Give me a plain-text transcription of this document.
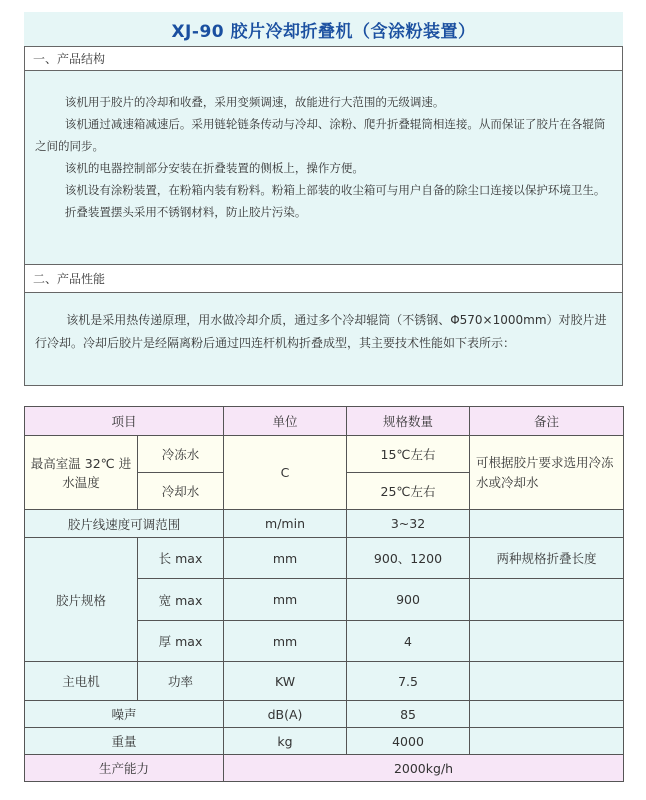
XJ-90 胶片冷却折叠机（含涂粉装置）
一、产品结构

该机用于胶片的冷却和收叠，采用变频调速，故能进行大范围的无级调速。

该机通过减速箱减速后。采用链轮链条传动与冷却、涂粉、爬升折叠辊筒相连接。从而保证了胶片在各辊筒之间的同步。

该机的电器控制部分安装在折叠装置的侧板上，操作方便。

该机设有涂粉装置，在粉箱内装有粉料。粉箱上部装的收尘箱可与用户自备的除尘口连接以保护环境卫生。

折叠装置摆头采用不锈钢材料，防止胶片污染。

二、产品性能

该机是采用热传递原理，用水做冷却介质，通过多个冷却辊筒（不锈钢、Φ570×1000mm）对胶片进行冷却。冷却后胶片是经隔离粉后通过四连杆机构折叠成型，其主要技术性能如下表所示：

项目		单位	规格数量	备注
最高室温 32℃ 进水温度	冷冻水	C	15℃左右	可根据胶片要求选用冷冻水或冷却水
	冷却水		25℃左右	
胶片线速度可调范围		m/min	3~32	
胶片规格	长 max	mm	900、1200	两种规格折叠长度
	宽 max	mm	900	
	厚 max	mm	4	
主电机	功率	KW	7.5	
噪声		dB(A)	85	
重量		kg	4000	
生产能力		2000kg/h		
